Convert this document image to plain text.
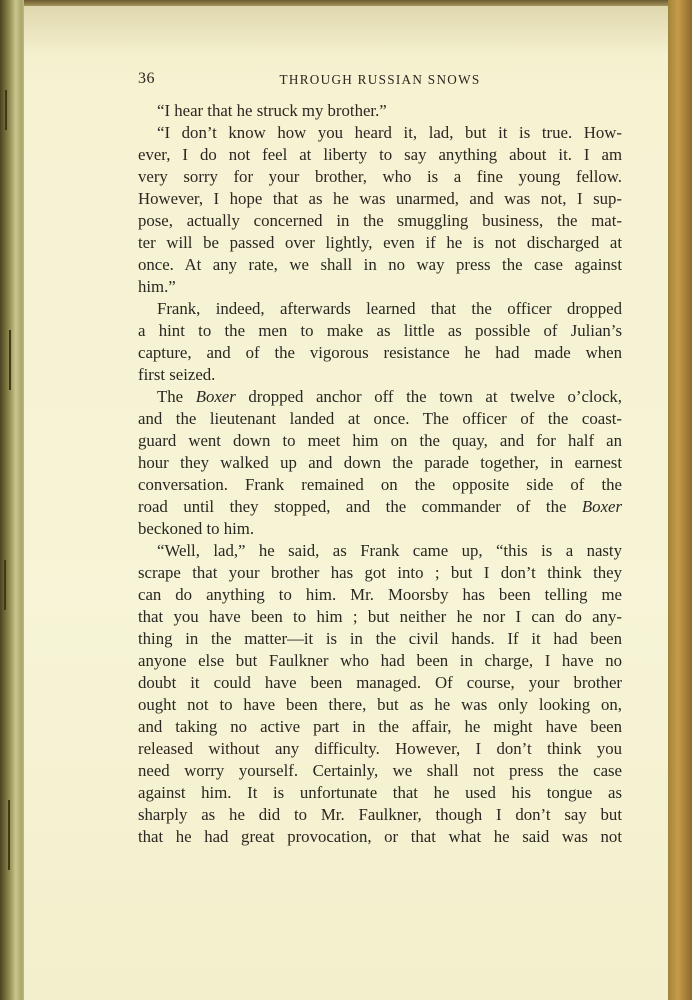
36	THROUGH RUSSIAN SNOWS
“I hear that he struck my brother.”
“I don’t know how you heard it, lad, but it is true. How-
ever, I do not feel at liberty to say anything about it. I am
very sorry for your brother, who is a fine young fellow.
However, I hope that as he was unarmed, and was not, I sup-
pose, actually concerned in the smuggling business, the mat-
ter will be passed over lightly, even if he is not discharged at
once. At any rate, we shall in no way press the case against
him.”
Frank, indeed, afterwards learned that the officer dropped
a hint to the men to make as little as possible of Julian’s
capture, and of the vigorous resistance he had made when
first seized.
The Boxer dropped anchor off the town at twelve o’clock,
and the lieutenant landed at once. The officer of the coast-
guard went down to meet him on the quay, and for half an
hour they walked up and down the parade together, in earnest
conversation. Frank remained on the opposite side of the
road until they stopped, and the commander of the Boxer
beckoned to him.
“Well, lad,” he said, as Frank came up, “this is a nasty
scrape that your brother has got into ; but I don’t think they
can do anything to him. Mr. Moorsby has been telling me
that you have been to him ; but neither he nor I can do any-
thing in the matter—it is in the civil hands. If it had been
anyone else but Faulkner who had been in charge, I have no
doubt it could have been managed. Of course, your brother
ought not to have been there, but as he was only looking on,
and taking no active part in the affair, he might have been
released without any difficulty. However, I don’t think you
need worry yourself. Certainly, we shall not press the case
against him. It is unfortunate that he used his tongue as
sharply as he did to Mr. Faulkner, though I don’t say but
that he had great provocation, or that what he said was not
